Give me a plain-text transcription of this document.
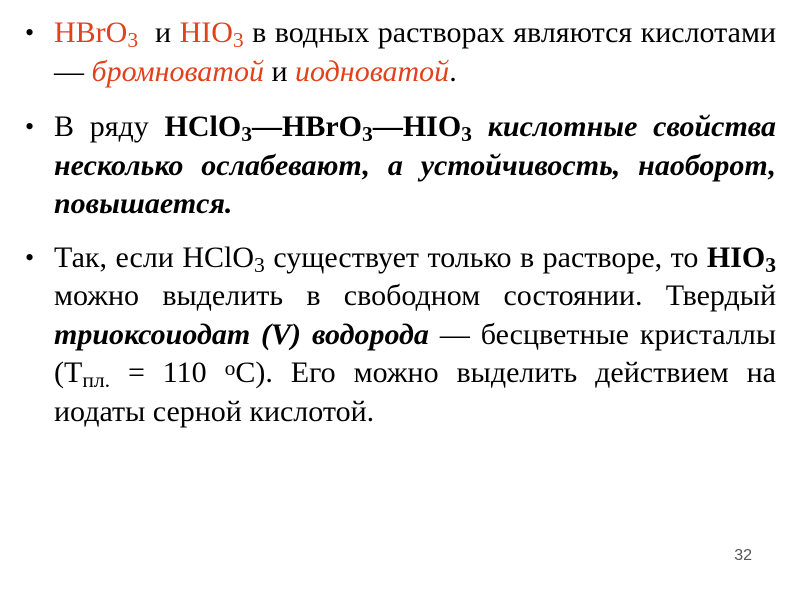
• HBrO$_3$  и $HIO_3$ в водных растворах являются кислотами — бромноватой и иодноватой.
• В ряду $HClO_3—HBrO_3—HIO_3$ кислотные свойства несколько ослабевают, а устойчивость, наоборот, повышается.
• Так, если HClO$_3$ существует только в растворе, то $HIO_3$ можно выделить в свободном состоянии. Твердый триоксоиодат (V) водорода — бесцветные кристаллы ($T_{пл.} = 110$ $^o$С). Его можно выделить действием на иодаты серной кислотой.
32
